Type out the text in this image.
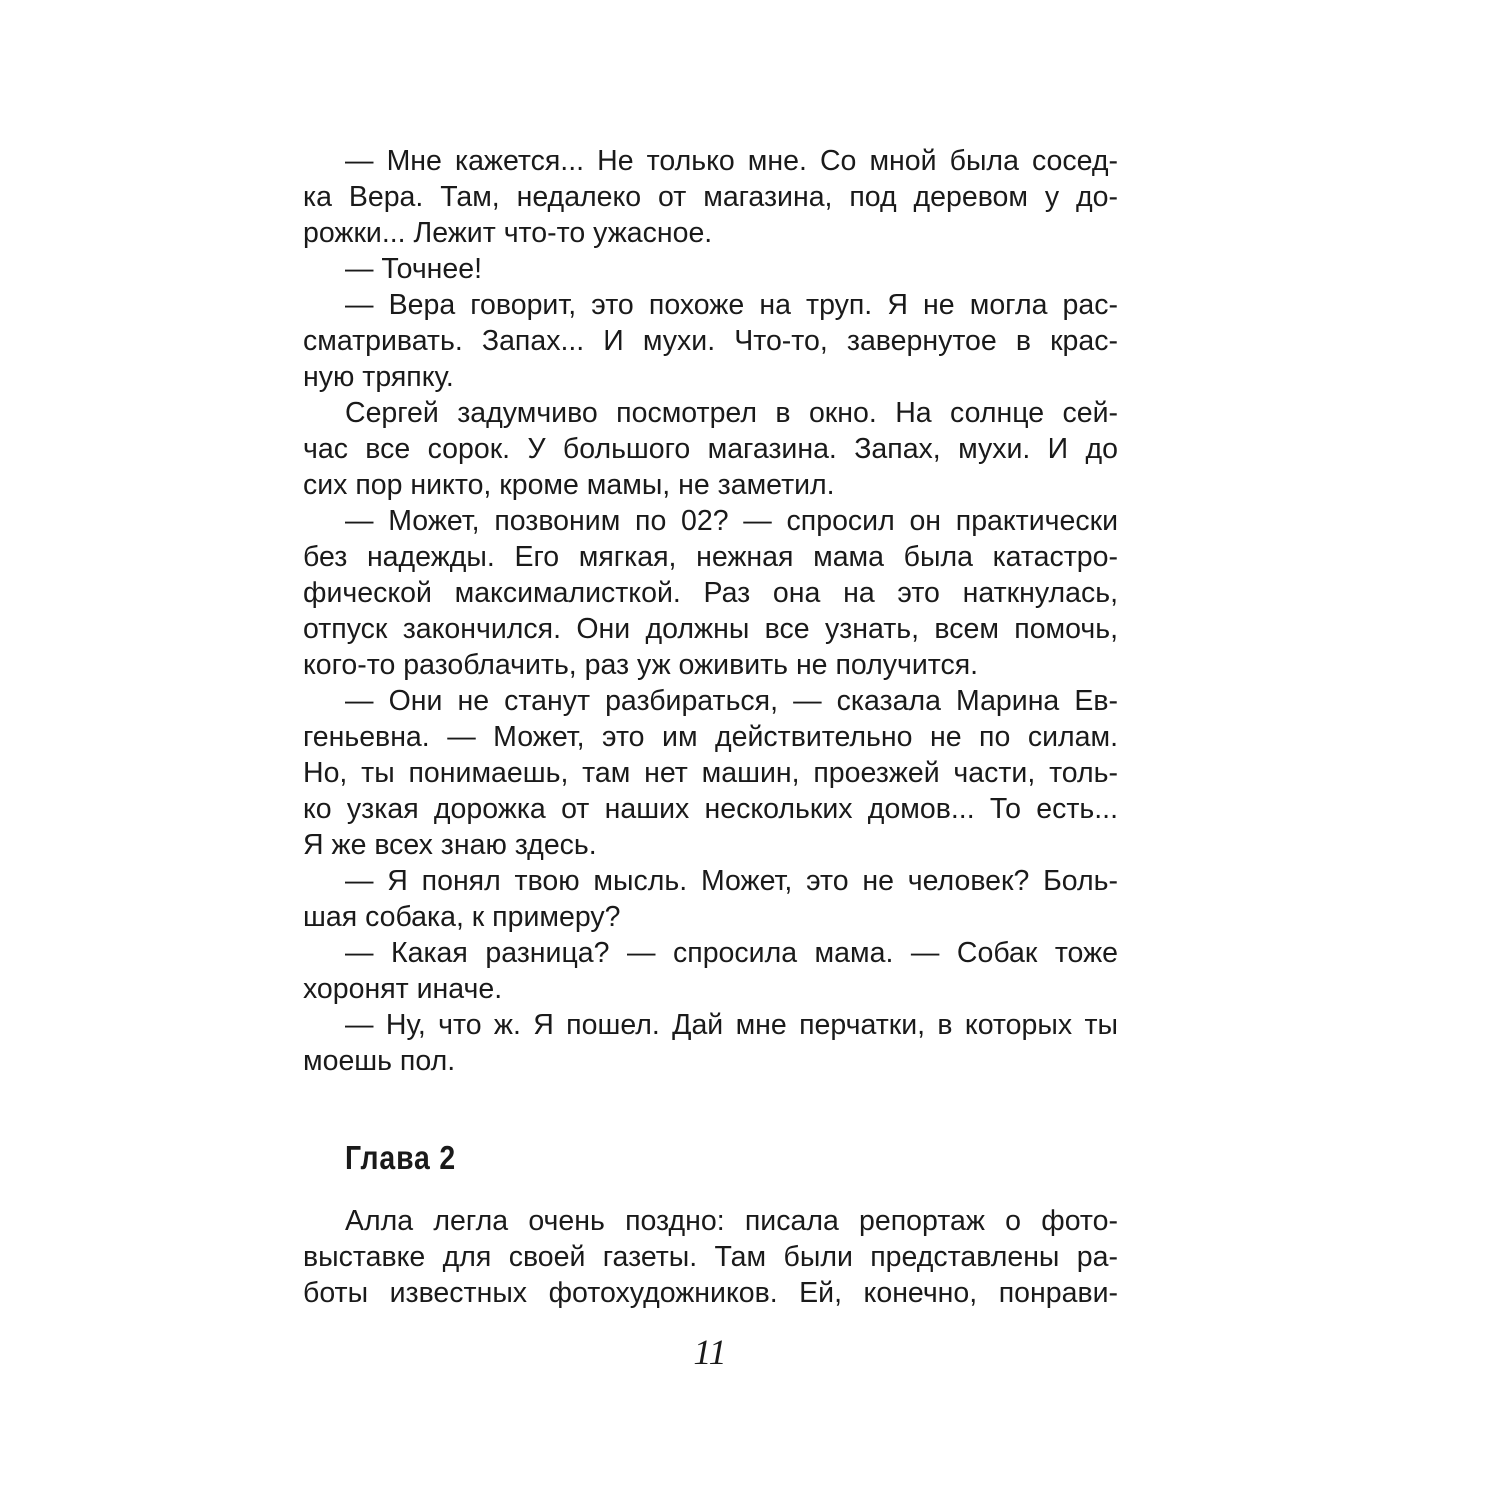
— Мне кажется... Не только мне. Со мной была сосед-
ка Вера. Там, недалеко от магазина, под деревом у до-
рожки... Лежит что-то ужасное.
— Точнее!
— Вера говорит, это похоже на труп. Я не могла рас-
сматривать. Запах... И мухи. Что-то, завернутое в крас-
ную тряпку.
Сергей задумчиво посмотрел в окно. На солнце сей-
час все сорок. У большого магазина. Запах, мухи. И до
сих пор никто, кроме мамы, не заметил.
— Может, позвоним по 02? — спросил он практически
без надежды. Его мягкая, нежная мама была катастро-
фической максималисткой. Раз она на это наткнулась,
отпуск закончился. Они должны все узнать, всем помочь,
кого-то разоблачить, раз уж оживить не получится.
— Они не станут разбираться, — сказала Марина Ев-
геньевна. — Может, это им действительно не по силам.
Но, ты понимаешь, там нет машин, проезжей части, толь-
ко узкая дорожка от наших нескольких домов... То есть...
Я же всех знаю здесь.
— Я понял твою мысль. Может, это не человек? Боль-
шая собака, к примеру?
— Какая разница? — спросила мама. — Собак тоже
хоронят иначе.
— Ну, что ж. Я пошел. Дай мне перчатки, в которых ты
моешь пол.
Глава 2
Алла легла очень поздно: писала репортаж о фото-
выставке для своей газеты. Там были представлены ра-
боты известных фотохудожников. Ей, конечно, понрави-
11
